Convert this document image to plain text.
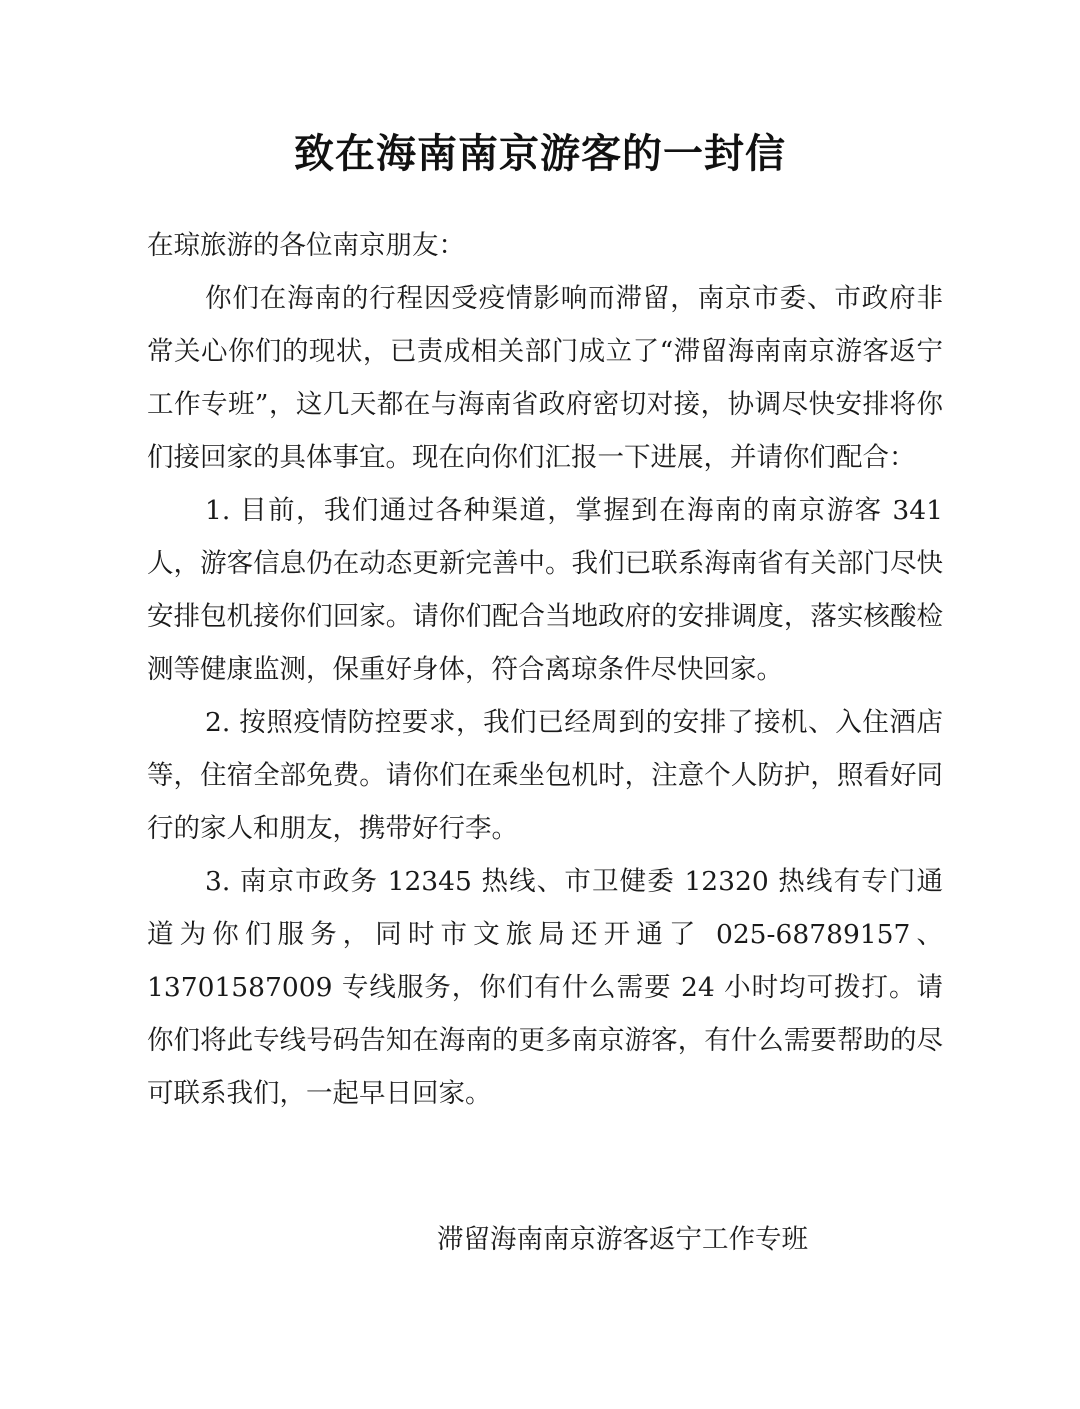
致在海南南京游客的一封信

在琼旅游的各位南京朋友：

你们在海南的行程因受疫情影响而滞留，南京市委、市政府非常关心你们的现状，已责成相关部门成立了“滞留海南南京游客返宁工作专班”，这几天都在与海南省政府密切对接，协调尽快安排将你们接回家的具体事宜。现在向你们汇报一下进展，并请你们配合：

1. 目前，我们通过各种渠道，掌握到在海南的南京游客 341 人，游客信息仍在动态更新完善中。我们已联系海南省有关部门尽快安排包机接你们回家。请你们配合当地政府的安排调度，落实核酸检测等健康监测，保重好身体，符合离琼条件尽快回家。

2. 按照疫情防控要求，我们已经周到的安排了接机、入住酒店等，住宿全部免费。请你们在乘坐包机时，注意个人防护，照看好同行的家人和朋友，携带好行李。

3. 南京市政务 12345 热线、市卫健委 12320 热线有专门通道为你们服务，同时市文旅局还开通了 025-68789157、13701587009 专线服务，你们有什么需要 24 小时均可拨打。请你们将此专线号码告知在海南的更多南京游客，有什么需要帮助的尽可联系我们，一起早日回家。

滞留海南南京游客返宁工作专班
